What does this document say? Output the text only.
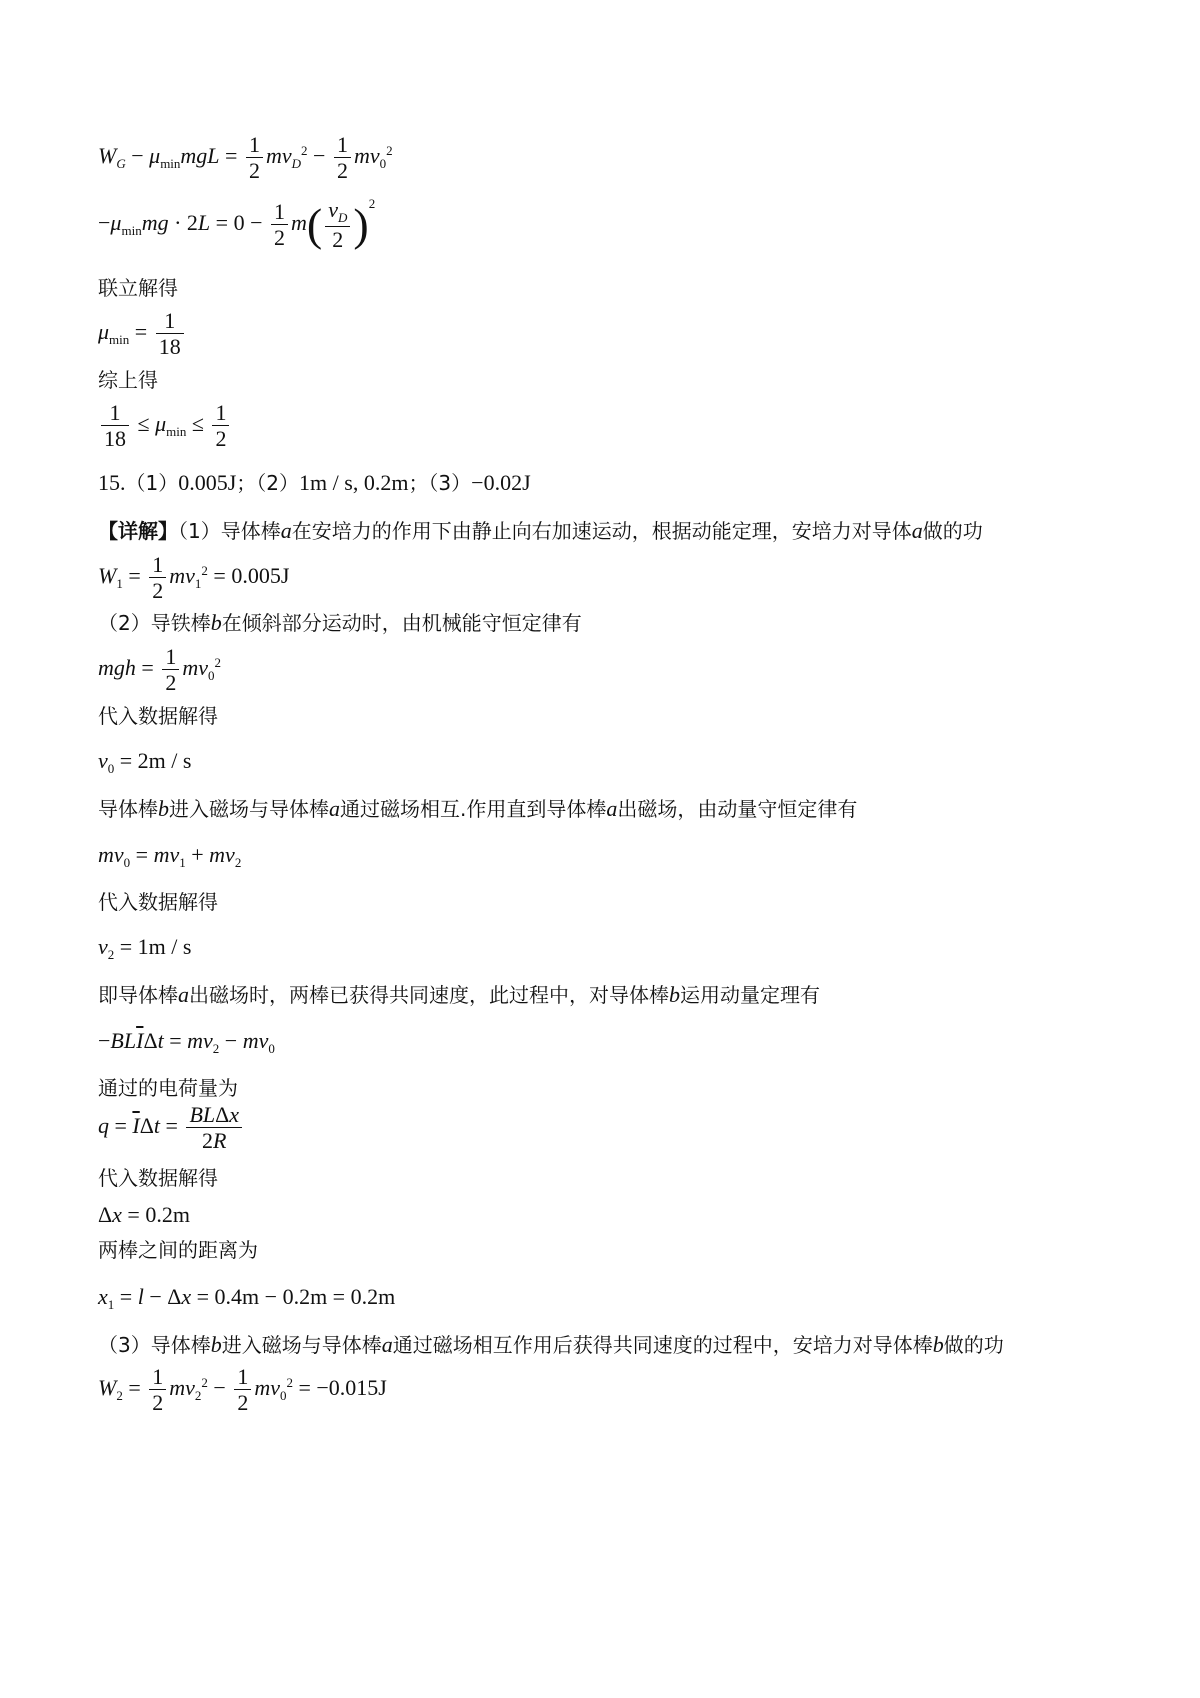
$W_G - \mu_{min}mgL = \frac{1}{2} mv_D^2 - \frac{1}{2} mv_0^2$
$-\mu_{min}mg \cdot 2L = 0 - \frac{1}{2} m( \frac{v_D}{2} )^2$
联立解得
$\mu_{min} = \frac{1}{18}$
综上得
$\frac{1}{18} \le \mu_{min} \le \frac{1}{2}$
15.（1）0.005J；（2）1m / s, 0.2m；（3）−0.02J
【详解】（1）导体棒a在安培力的作用下由静止向右加速运动，根据动能定理，安培力对导体a做的功
$W_1 = \frac{1}{2} mv_1^2 = 0.005J$
（2）导铁棒b在倾斜部分运动时，由机械能守恒定律有
mgh = $\frac{1}{2} mv_0^2$
代入数据解得
$v_0 = 2m / s$
导体棒b进入磁场与导体棒a通过磁场相互.作用直到导体棒a出磁场，由动量守恒定律有
$mv_0 = mv_1 + mv_2$
代入数据解得
$v_2 = 1m / s$
即导体棒a出磁场时，两棒已获得共同速度，此过程中，对导体棒b运用动量定理有
$-BL\overline{I}\Delta t = mv_2 - mv_0$
通过的电荷量为
$q = \overline{I}\Delta t = \frac{\text{BLΔx}}{2R}$
代入数据解得
Δx = 0.2m
两棒之间的距离为
$x_1 = l - \Delta x = 0.4m - 0.2m = 0.2m$
（3）导体棒b进入磁场与导体棒a通过磁场相互作用后获得共同速度的过程中，安培力对导体棒b做的功
$W_2 = \frac{1}{2} mv_2^2 - \frac{1}{2} mv_0^2 = -0.015J$
